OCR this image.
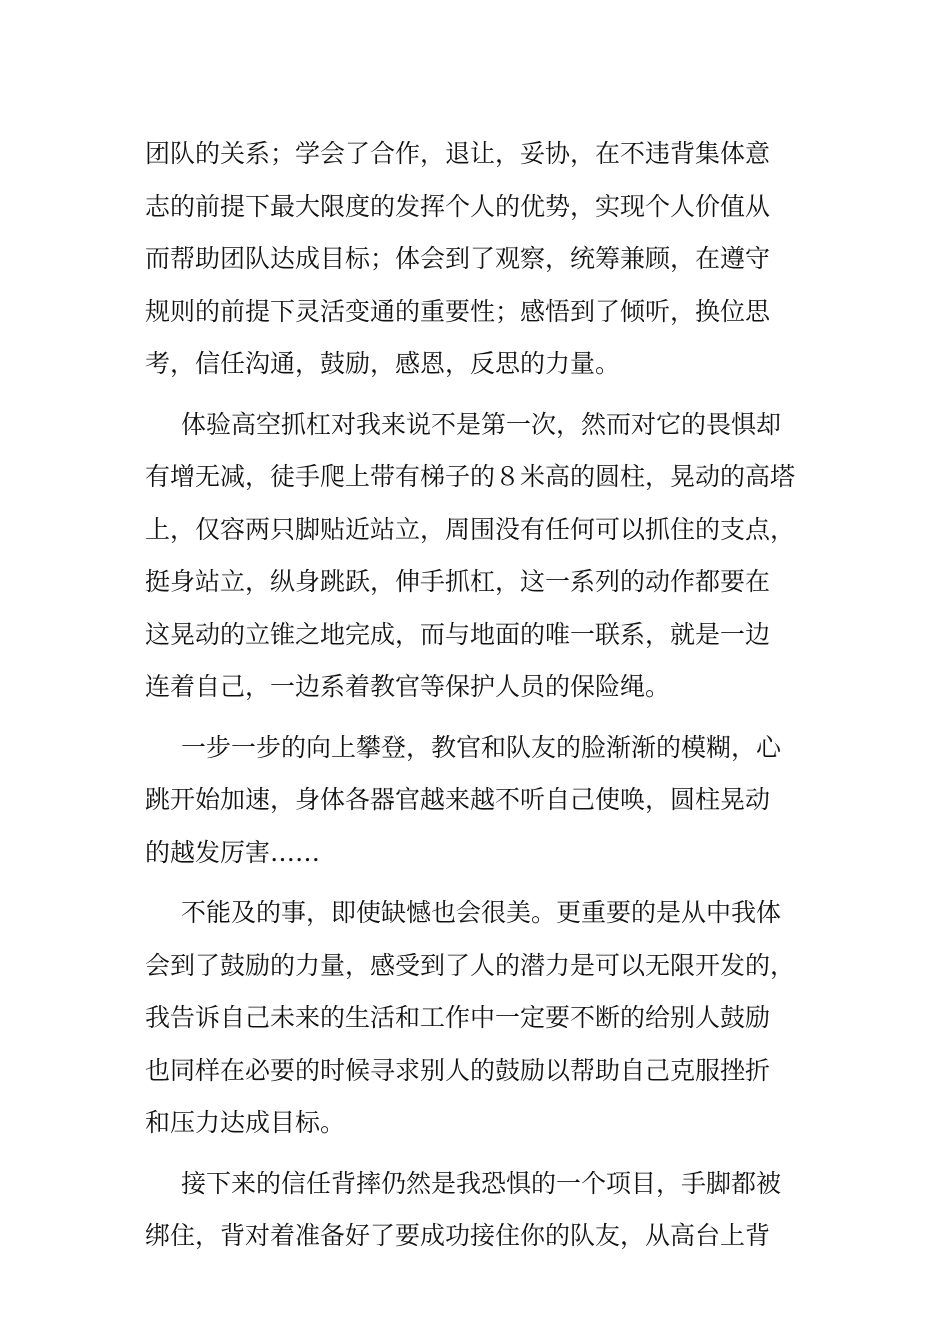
团队的关系；学会了合作，退让，妥协，在不违背集体意
志的前提下最大限度的发挥个人的优势，实现个人价值从
而帮助团队达成目标；体会到了观察，统筹兼顾，在遵守
规则的前提下灵活变通的重要性；感悟到了倾听，换位思
考，信任沟通，鼓励，感恩，反思的力量。
体验高空抓杠对我来说不是第一次，然而对它的畏惧却
有增无减，徒手爬上带有梯子的８米高的圆柱，晃动的高塔
上，仅容两只脚贴近站立，周围没有任何可以抓住的支点，
挺身站立，纵身跳跃，伸手抓杠，这一系列的动作都要在
这晃动的立锥之地完成，而与地面的唯一联系，就是一边
连着自己，一边系着教官等保护人员的保险绳。
一步一步的向上攀登，教官和队友的脸渐渐的模糊，心
跳开始加速，身体各器官越来越不听自己使唤，圆柱晃动
的越发厉害……
不能及的事，即使缺憾也会很美。更重要的是从中我体
会到了鼓励的力量，感受到了人的潜力是可以无限开发的，
我告诉自己未来的生活和工作中一定要不断的给别人鼓励
也同样在必要的时候寻求别人的鼓励以帮助自己克服挫折
和压力达成目标。
接下来的信任背摔仍然是我恐惧的一个项目，手脚都被
绑住，背对着准备好了要成功接住你的队友，从高台上背
